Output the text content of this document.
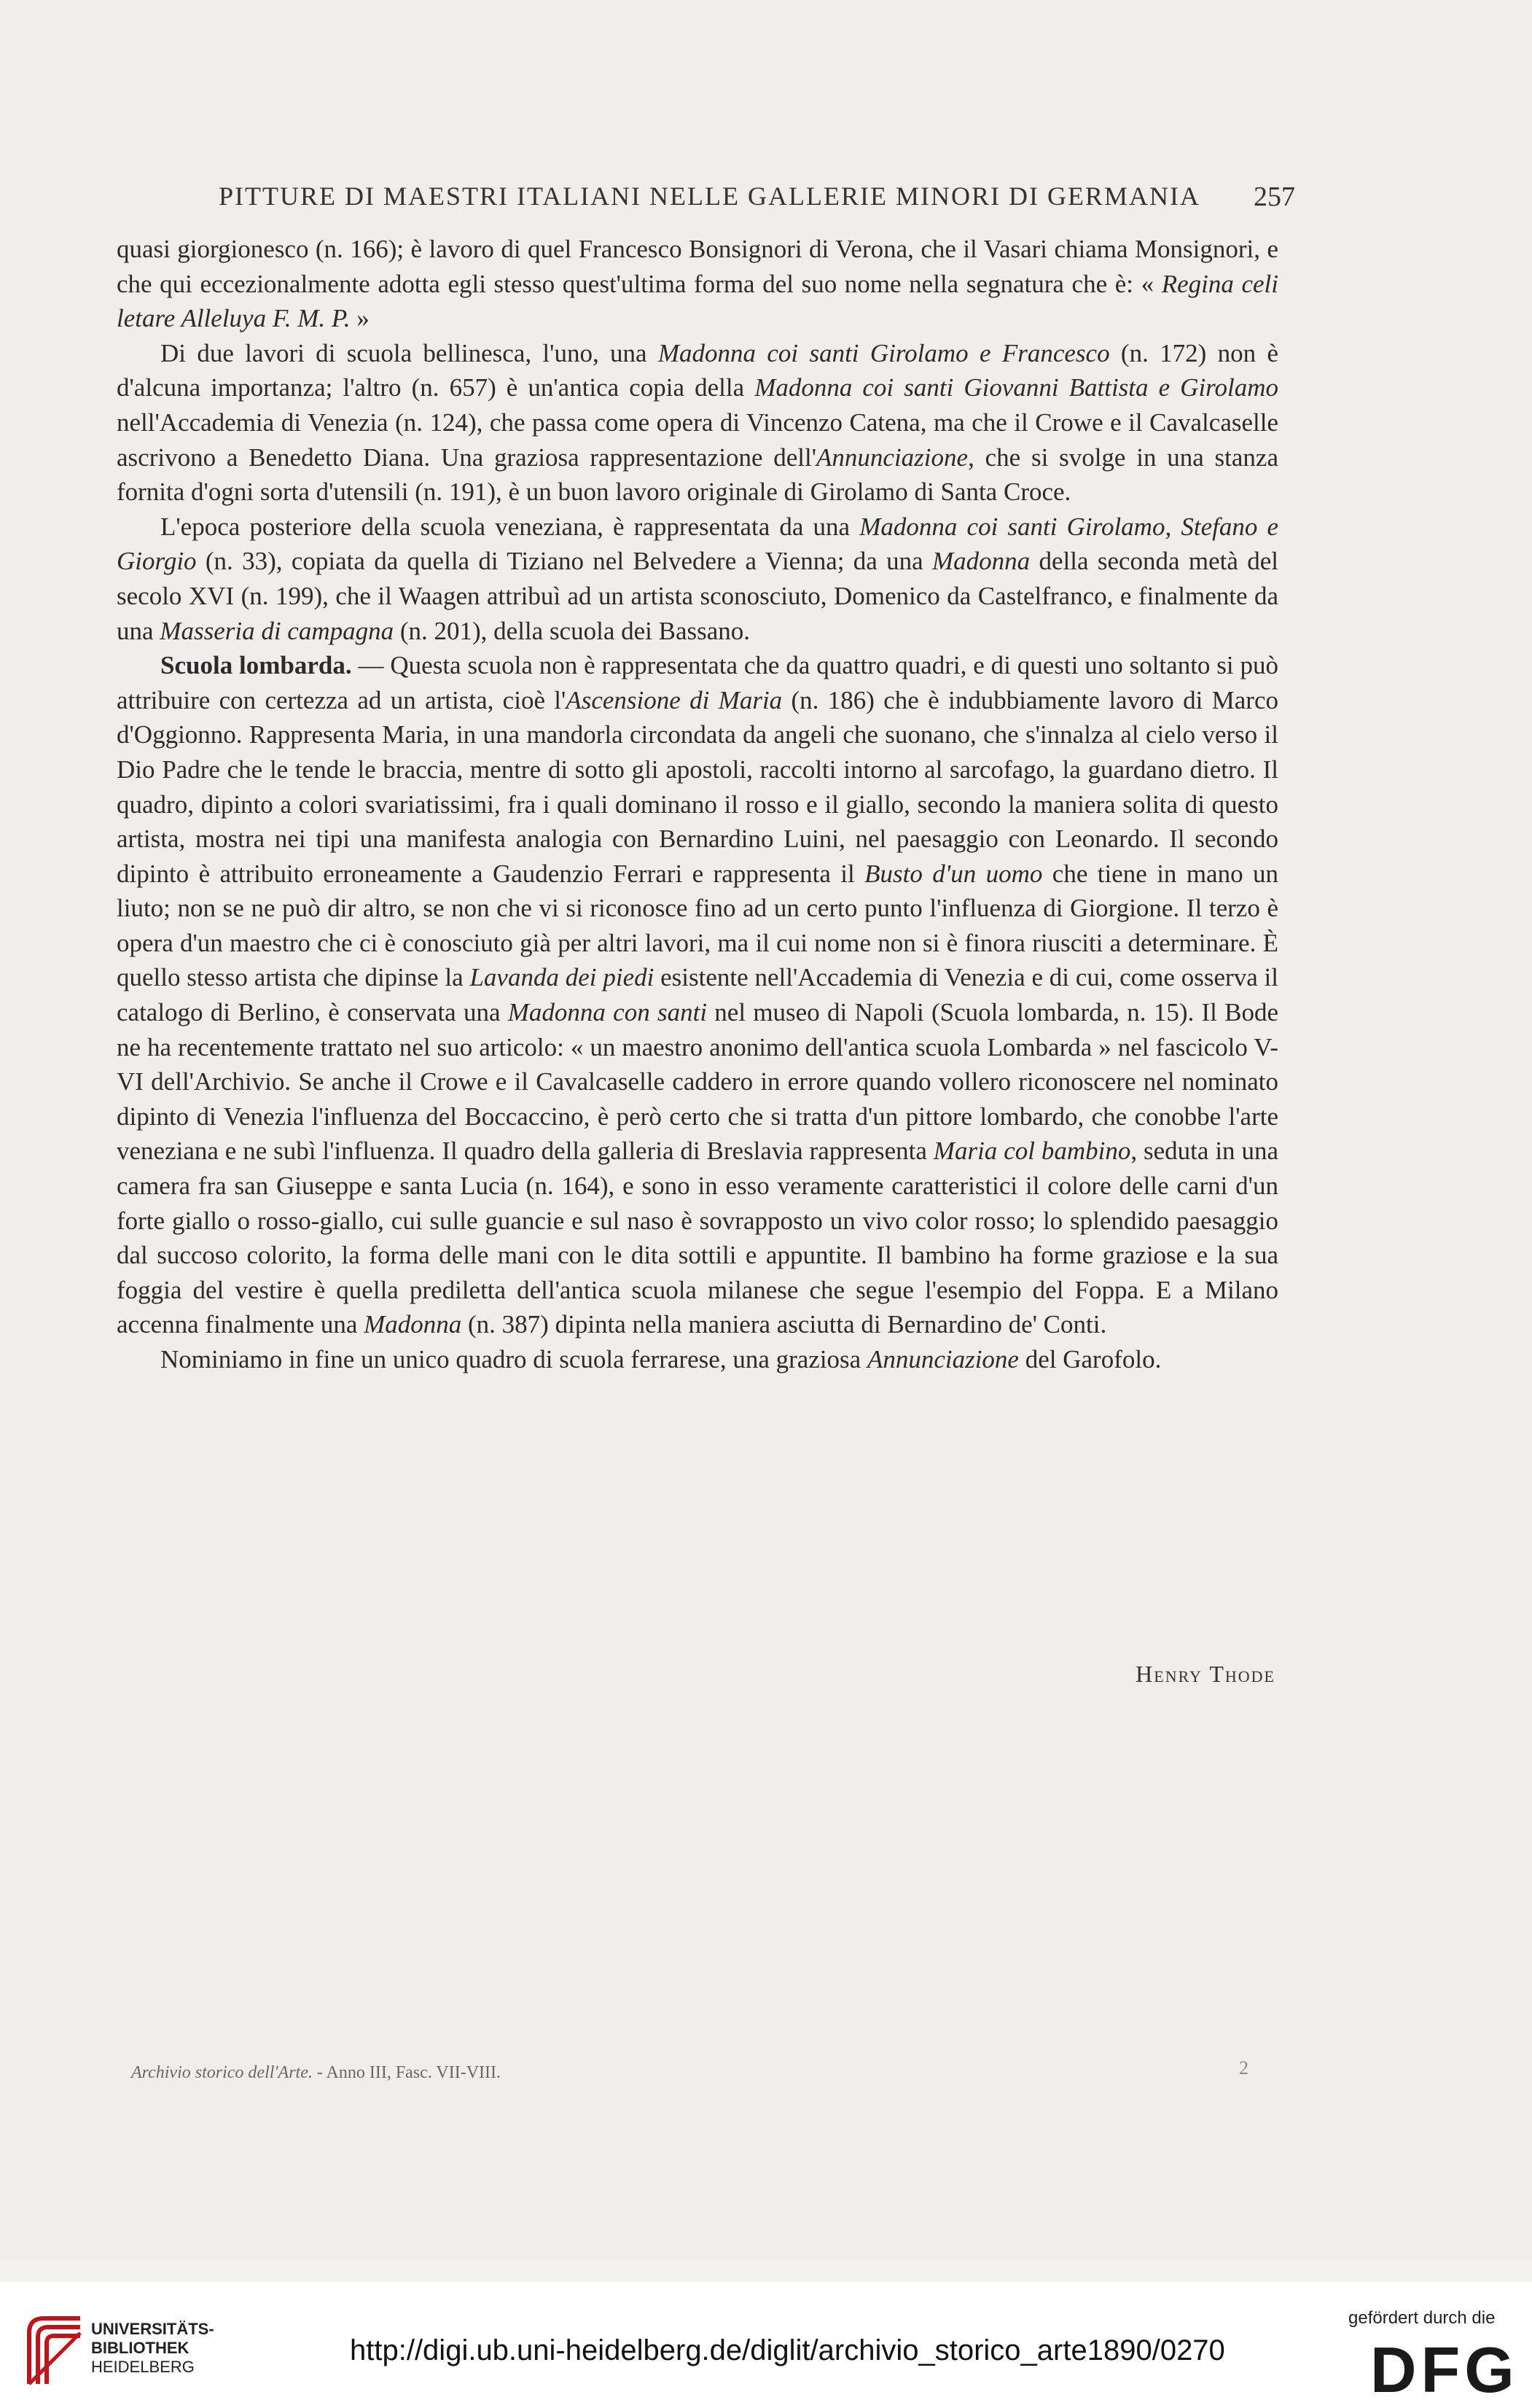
PITTURE DI MAESTRI ITALIANI NELLE GALLERIE MINORI DI GERMANIA	257

quasi giorgionesco (n. 166); è lavoro di quel Francesco Bonsignori di Verona, che il Vasari chiama Monsignori, e che qui eccezionalmente adotta egli stesso quest'ultima forma del suo nome nella segnatura che è: « Regina celi letare Alleluya F. M. P. »

Di due lavori di scuola bellinesca, l'uno, una Madonna coi santi Girolamo e Francesco (n. 172) non è d'alcuna importanza; l'altro (n. 657) è un'antica copia della Madonna coi santi Giovanni Battista e Girolamo nell'Accademia di Venezia (n. 124), che passa come opera di Vincenzo Catena, ma che il Crowe e il Cavalcaselle ascrivono a Benedetto Diana. Una graziosa rappresentazione dell'Annunciazione, che si svolge in una stanza fornita d'ogni sorta d'utensili (n. 191), è un buon lavoro originale di Girolamo di Santa Croce.

L'epoca posteriore della scuola veneziana, è rappresentata da una Madonna coi santi Girolamo, Stefano e Giorgio (n. 33), copiata da quella di Tiziano nel Belvedere a Vienna; da una Madonna della seconda metà del secolo XVI (n. 199), che il Waagen attribuì ad un artista sconosciuto, Domenico da Castelfranco, e finalmente da una Masseria di campagna (n. 201), della scuola dei Bassano.

Scuola lombarda. — Questa scuola non è rappresentata che da quattro quadri, e di questi uno soltanto si può attribuire con certezza ad un artista, cioè l'Ascensione di Maria (n. 186) che è indubbiamente lavoro di Marco d'Oggionno. Rappresenta Maria, in una mandorla circondata da angeli che suonano, che s'innalza al cielo verso il Dio Padre che le tende le braccia, mentre di sotto gli apostoli, raccolti intorno al sarcofago, la guardano dietro. Il quadro, dipinto a colori svariatissimi, fra i quali dominano il rosso e il giallo, secondo la maniera solita di questo artista, mostra nei tipi una manifesta analogia con Bernardino Luini, nel paesaggio con Leonardo. Il secondo dipinto è attribuito erroneamente a Gaudenzio Ferrari e rappresenta il Busto d'un uomo che tiene in mano un liuto; non se ne può dir altro, se non che vi si riconosce fino ad un certo punto l'influenza di Giorgione. Il terzo è opera d'un maestro che ci è conosciuto già per altri lavori, ma il cui nome non si è finora riusciti a determinare. È quello stesso artista che dipinse la Lavanda dei piedi esistente nell'Accademia di Venezia e di cui, come osserva il catalogo di Berlino, è conservata una Madonna con santi nel museo di Napoli (Scuola lombarda, n. 15). Il Bode ne ha recentemente trattato nel suo articolo: « un maestro anonimo dell'antica scuola Lombarda » nel fascicolo V-VI dell'Archivio. Se anche il Crowe e il Cavalcaselle caddero in errore quando vollero riconoscere nel nominato dipinto di Venezia l'influenza del Boccaccino, è però certo che si tratta d'un pittore lombardo, che conobbe l'arte veneziana e ne subì l'influenza. Il quadro della galleria di Breslavia rappresenta Maria col bambino, seduta in una camera fra san Giuseppe e santa Lucia (n. 164), e sono in esso veramente caratteristici il colore delle carni d'un forte giallo o rosso-giallo, cui sulle guancie e sul naso è sovrapposto un vivo color rosso; lo splendido paesaggio dal succoso colorito, la forma delle mani con le dita sottili e appuntite. Il bambino ha forme graziose e la sua foggia del vestire è quella prediletta dell'antica scuola milanese che segue l'esempio del Foppa. E a Milano accenna finalmente una Madonna (n. 387) dipinta nella maniera asciutta di Bernardino de' Conti.

Nominiamo in fine un unico quadro di scuola ferrarese, una graziosa Annunciazione del Garofolo.

Henry Thode
Archivio storico dell'Arte. - Anno III, Fasc. VII-VIII.	2
UNIVERSITÄTS-
BIBLIOTHEK
HEIDELBERG
http://digi.ub.uni-heidelberg.de/diglit/archivio_storico_arte1890/0270
gefördert durch die
DFG
